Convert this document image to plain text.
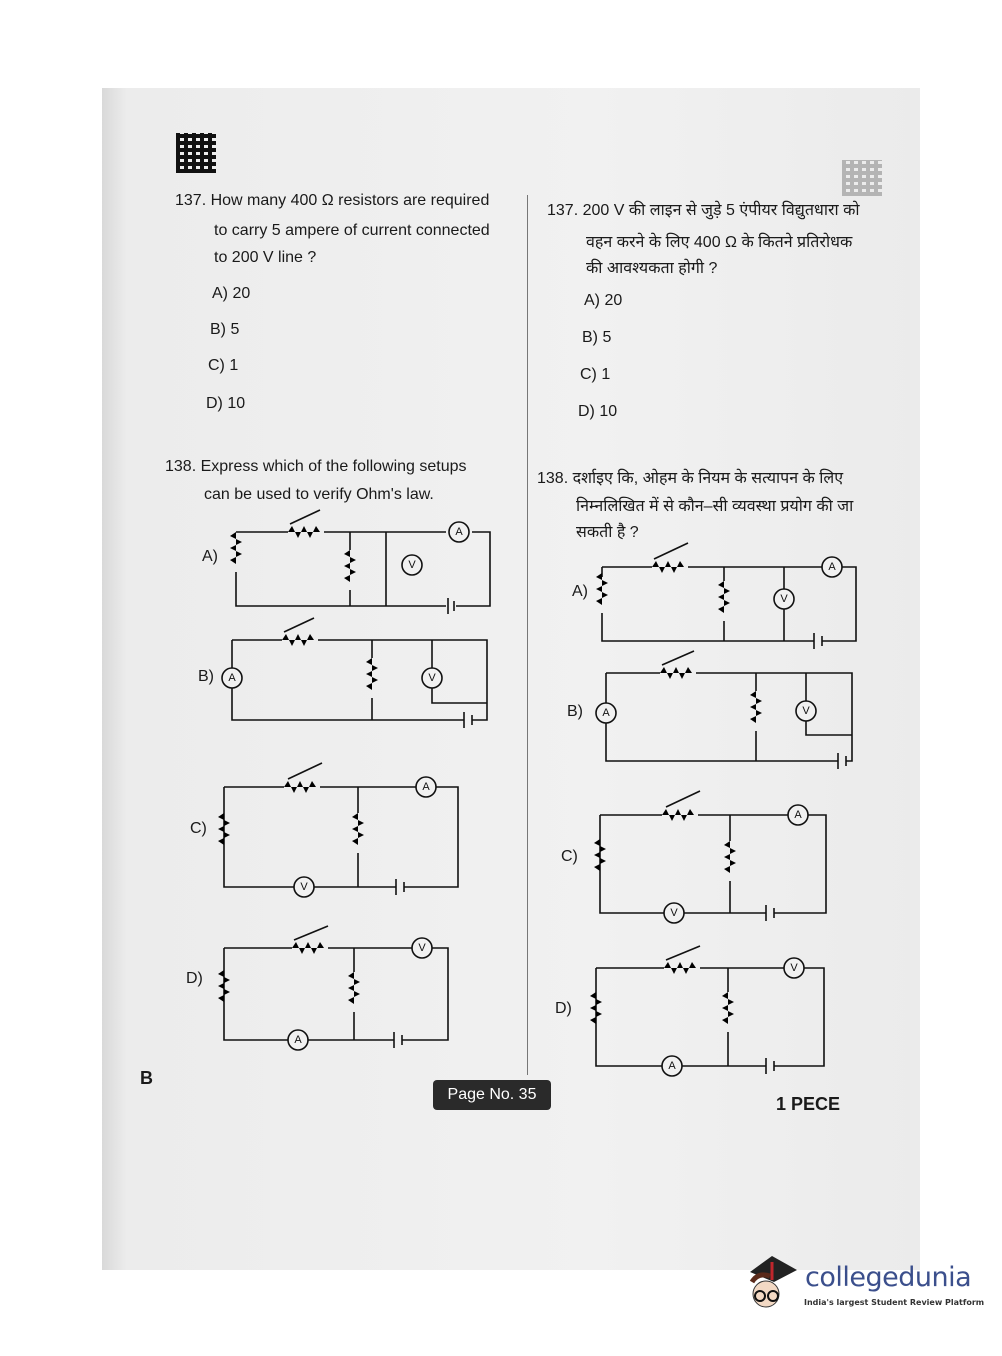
137. How many 400 Ω resistors are required
to carry 5 ampere of current connected
to 200 V line ?
A) 20
B) 5
C) 1
D) 10
138. Express which of the following setups
can be used to verify Ohm's law.
A)
B)
C)
D)
V
A
A	V
A
V
V
A
137. 200 V की लाइन से जुड़े 5 एंपीयर विद्युतधारा को
वहन करने के लिए 400 Ω के कितने प्रतिरोधक
की आवश्यकता होगी ?
A) 20
B) 5
C) 1
D) 10
138. दर्शाइए कि, ओहम के नियम के सत्यापन के लिए
निम्नलिखित में से कौन–सी व्यवस्था प्रयोग की जा
सकती है ?
A)
B)
C)
D)
V
A
A	V
A
V
V
A
B
Page No. 35	1 PECE
collegedunia
India's largest Student Review Platform
